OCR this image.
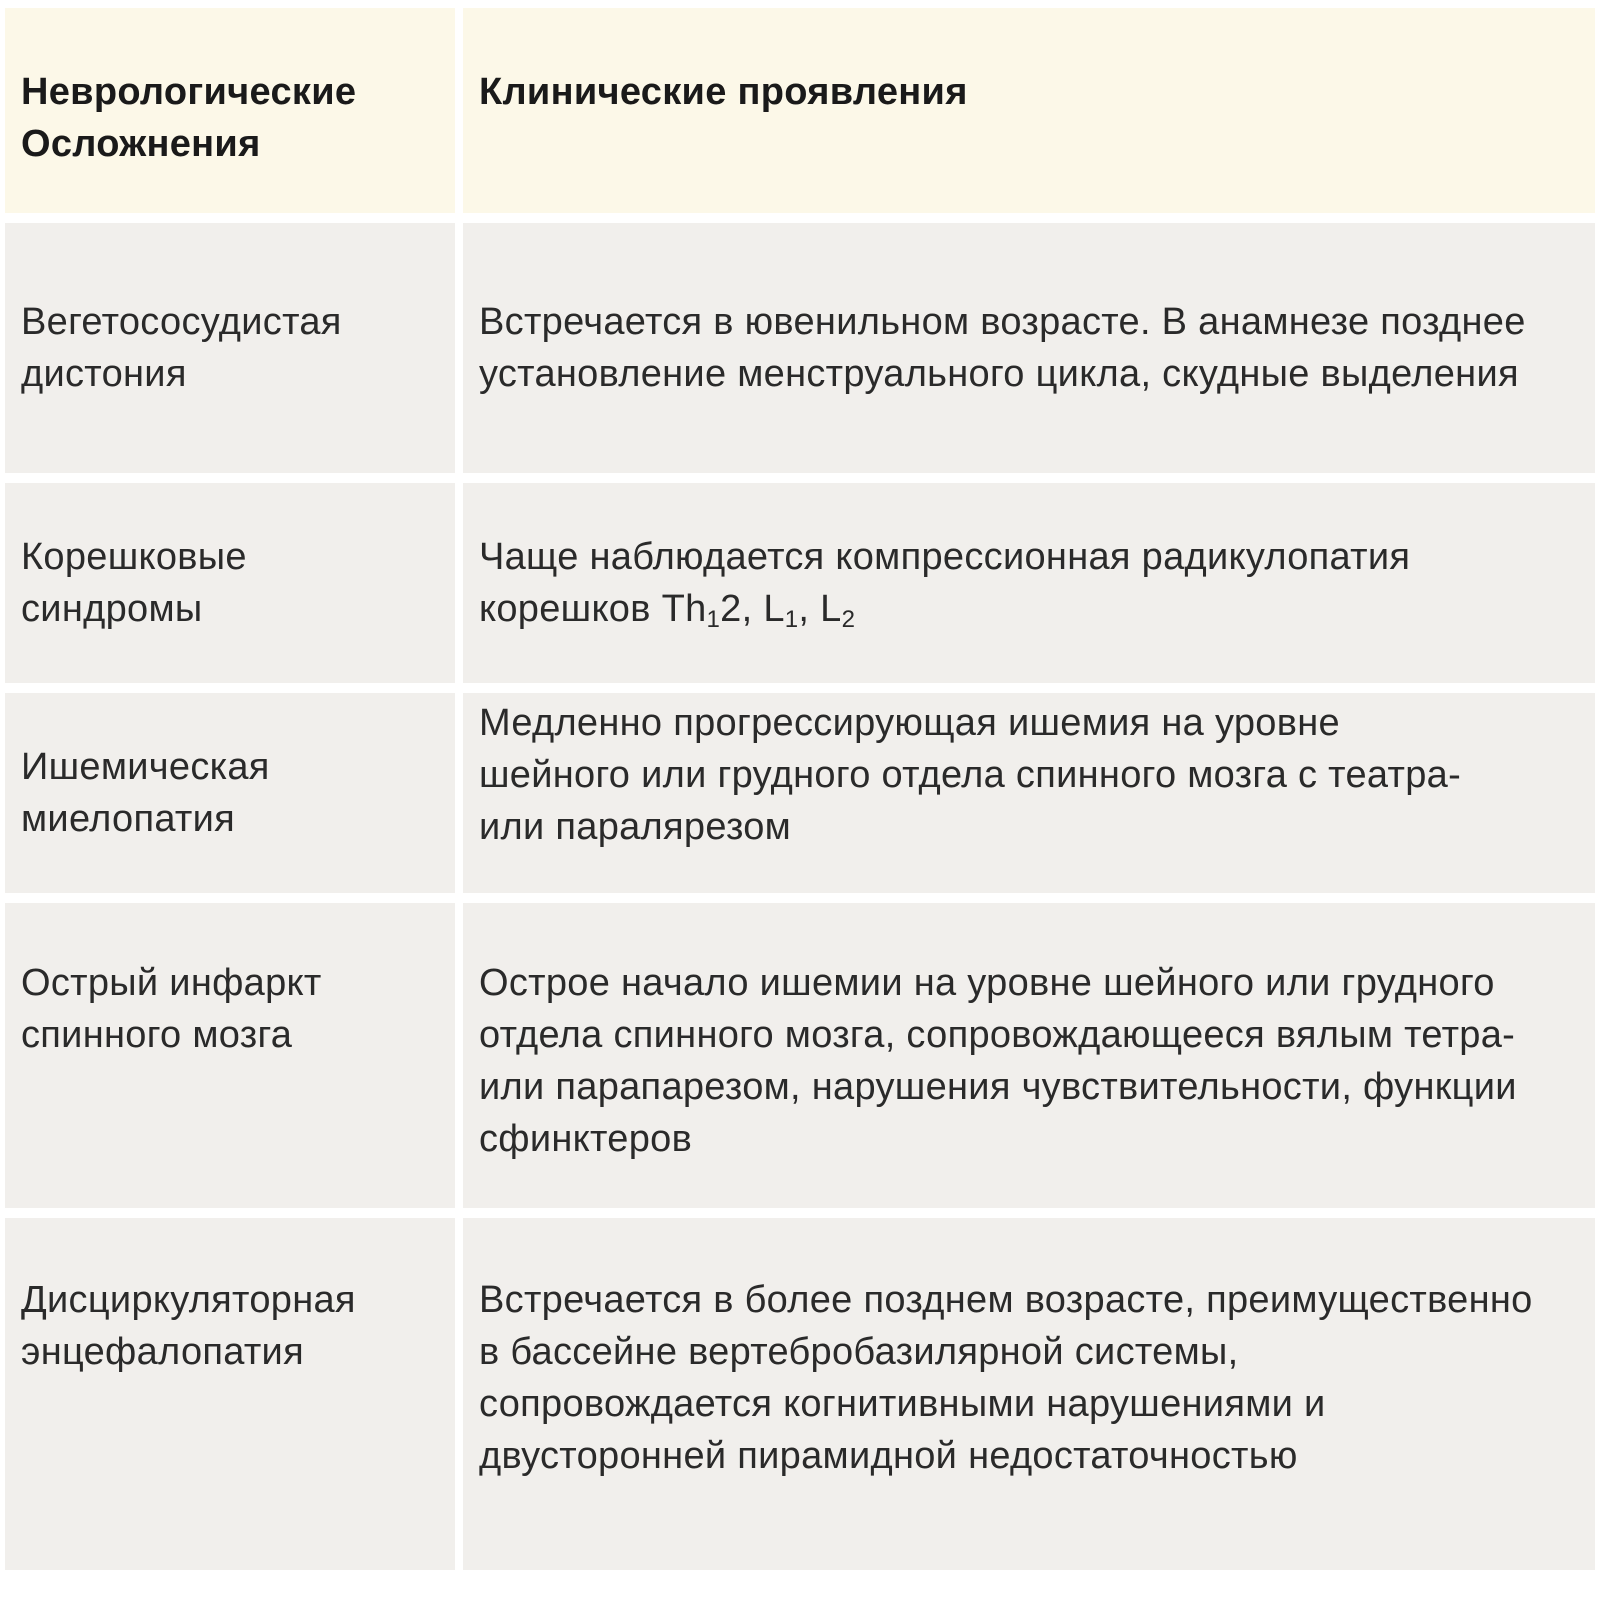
Неврологические Осложнения
Клинические проявления
Вегетососудистая дистония
Встречается в ювенильном возрасте. В анамнезе позднее установление менструального цикла, скудные выделения
Корешковые синдромы
Чаще наблюдается компрессионная радикулопатия корешков $Th_12$, $L_1$, $L_2$
Ишемическая миелопатия
Медленно прогрессирующая ишемия на уровне шейного или грудного отдела спинного мозга с театра- или паралярезом
Острый инфаркт спинного мозга
Острое начало ишемии на уровне шейного или грудного отдела спинного мозга, сопровождающееся вялым тетра- или парапарезом, нарушения чувствительности, функции сфинктеров
Дисциркуляторная энцефалопатия
Встречается в более позднем возрасте, преимущественно в бассейне вертебробазилярной системы, сопровождается когнитивными нарушениями и двусторонней пирамидной недостаточностью
